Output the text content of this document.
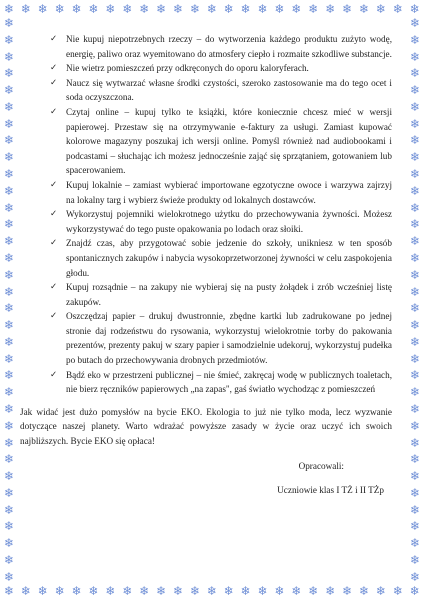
❄ ❄ ❄ ❄ ❄ ❄ ❄ ❄ ❄ ❄ ❄ ❄ ❄ ❄ ❄ ❄ ❄ ❄ ❄ ❄ ❄ ❄ ❄ ❄ ❄
❄ ❄ ❄ ❄ ❄ ❄ ❄ ❄ ❄ ❄ ❄ ❄ ❄ ❄ ❄ ❄ ❄ ❄ ❄ ❄ ❄ ❄ ❄ ❄ ❄
❄
❄
❄
❄
❄
❄
❄
❄
❄
❄
❄
❄
❄
❄
❄
❄
❄
❄
❄
❄
❄
❄
❄
❄
❄
❄
❄
❄
❄
❄
❄
❄
❄
❄
❄
❄
❄
❄
❄
❄
❄
❄
❄
❄
❄
❄
❄
❄
❄
❄
❄
❄
❄
❄
❄
❄
❄
❄
❄
❄
❄
❄
❄
❄
❄
❄
❄
❄
✓ Nie kupuj niepotrzebnych rzeczy – do wytworzenia każdego produktu zużyto wodę, energię, paliwo oraz wyemitowano do atmosfery ciepło i rozmaite szkodliwe substancje.
✓ Nie wietrz pomieszczeń przy odkręconych do oporu kaloryferach.
✓ Naucz się wytwarzać własne środki czystości, szeroko zastosowanie ma do tego ocet i soda oczyszczona.
✓ Czytaj online – kupuj tylko te książki, które koniecznie chcesz mieć w wersji papierowej. Przestaw się na otrzymywanie e-faktury za usługi. Zamiast kupować kolorowe magazyny poszukaj ich wersji online. Pomyśl również nad audiobookami i podcastami – słuchając ich możesz jednocześnie zająć się sprzątaniem, gotowaniem lub spacerowaniem.
✓ Kupuj lokalnie – zamiast wybierać importowane egzotyczne owoce i warzywa zajrzyj na lokalny targ i wybierz świeże produkty od lokalnych dostawców.
✓ Wykorzystuj pojemniki wielokrotnego użytku do przechowywania żywności. Możesz wykorzystywać do tego puste opakowania po lodach oraz słoiki.
✓ Znajdź czas, aby przygotować sobie jedzenie do szkoły, unikniesz w ten sposób spontanicznych zakupów i nabycia wysokoprzetworzonej żywności w celu zaspokojenia głodu.
✓ Kupuj rozsądnie – na zakupy nie wybieraj się na pusty żołądek i zrób wcześniej listę zakupów.
✓ Oszczędzaj papier – drukuj dwustronnie, zbędne kartki lub zadrukowane po jednej stronie daj rodzeństwu do rysowania, wykorzystuj wielokrotnie torby do pakowania prezentów, prezenty pakuj w szary papier i samodzielnie udekoruj, wykorzystuj pudełka po butach do przechowywania drobnych przedmiotów.
✓ Bądź eko w przestrzeni publicznej – nie śmieć, zakręcaj wodę w publicznych toaletach, nie bierz ręczników papierowych „na zapas", gaś światło wychodząc z pomieszczeń

Jak widać jest dużo pomysłów na bycie EKO. Ekologia to już nie tylko moda, lecz wyzwanie dotyczące naszej planety. Warto wdrażać powyższe zasady w życie oraz uczyć ich swoich najbliższych. Bycie EKO się opłaca!

Opracowali:
Uczniowie klas I TŻ i II TŻp
